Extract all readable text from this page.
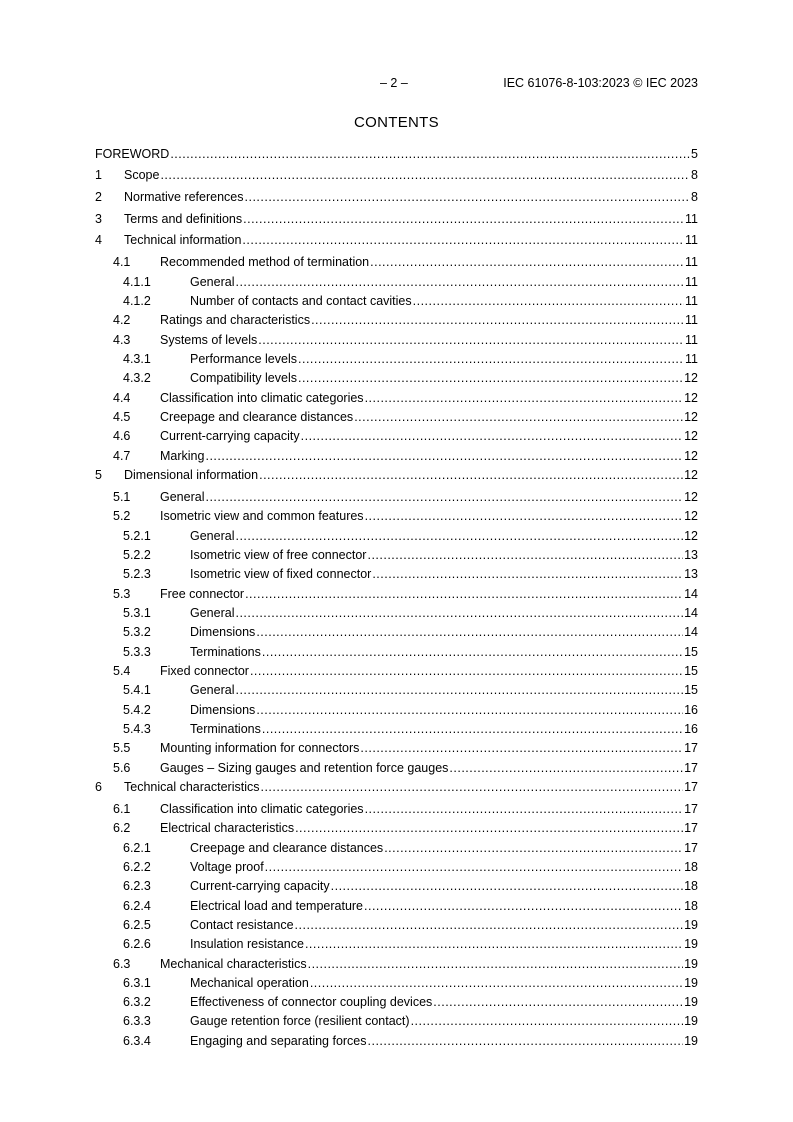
– 2 –	IEC 61076-8-103:2023 © IEC 2023
CONTENTS
FOREWORD .....	5
1 Scope .....	8
2 Normative references .....	8
3 Terms and definitions .....	11
4 Technical information .....	11
4.1 Recommended method of termination .....	11
4.1.1	General .....	11
4.1.2	Number of contacts and contact cavities .....	11
4.2 Ratings and characteristics .....	11
4.3 Systems of levels .....	11
4.3.1	Performance levels .....	11
4.3.2	Compatibility levels .....	12
4.4 Classification into climatic categories .....	12
4.5 Creepage and clearance distances .....	12
4.6 Current-carrying capacity .....	12
4.7 Marking .....	12
5 Dimensional information .....	12
5.1 General .....	12
5.2 Isometric view and common features .....	12
5.2.1	General .....	12
5.2.2	Isometric view of free connector .....	13
5.2.3	Isometric view of fixed connector .....	13
5.3 Free connector .....	14
5.3.1	General .....	14
5.3.2	Dimensions .....	14
5.3.3	Terminations .....	15
5.4 Fixed connector .....	15
5.4.1	General .....	15
5.4.2	Dimensions .....	16
5.4.3	Terminations .....	16
5.5 Mounting information for connectors .....	17
5.6 Gauges – Sizing gauges and retention force gauges .....	17
6 Technical characteristics .....	17
6.1 Classification into climatic categories .....	17
6.2 Electrical characteristics .....	17
6.2.1	Creepage and clearance distances .....	17
6.2.2	Voltage proof .....	18
6.2.3	Current-carrying capacity .....	18
6.2.4	Electrical load and temperature .....	18
6.2.5	Contact resistance .....	19
6.2.6	Insulation resistance .....	19
6.3 Mechanical characteristics .....	19
6.3.1	Mechanical operation .....	19
6.3.2	Effectiveness of connector coupling devices .....	19
6.3.3	Gauge retention force (resilient contact) .....	19
6.3.4	Engaging and separating forces .....	19
